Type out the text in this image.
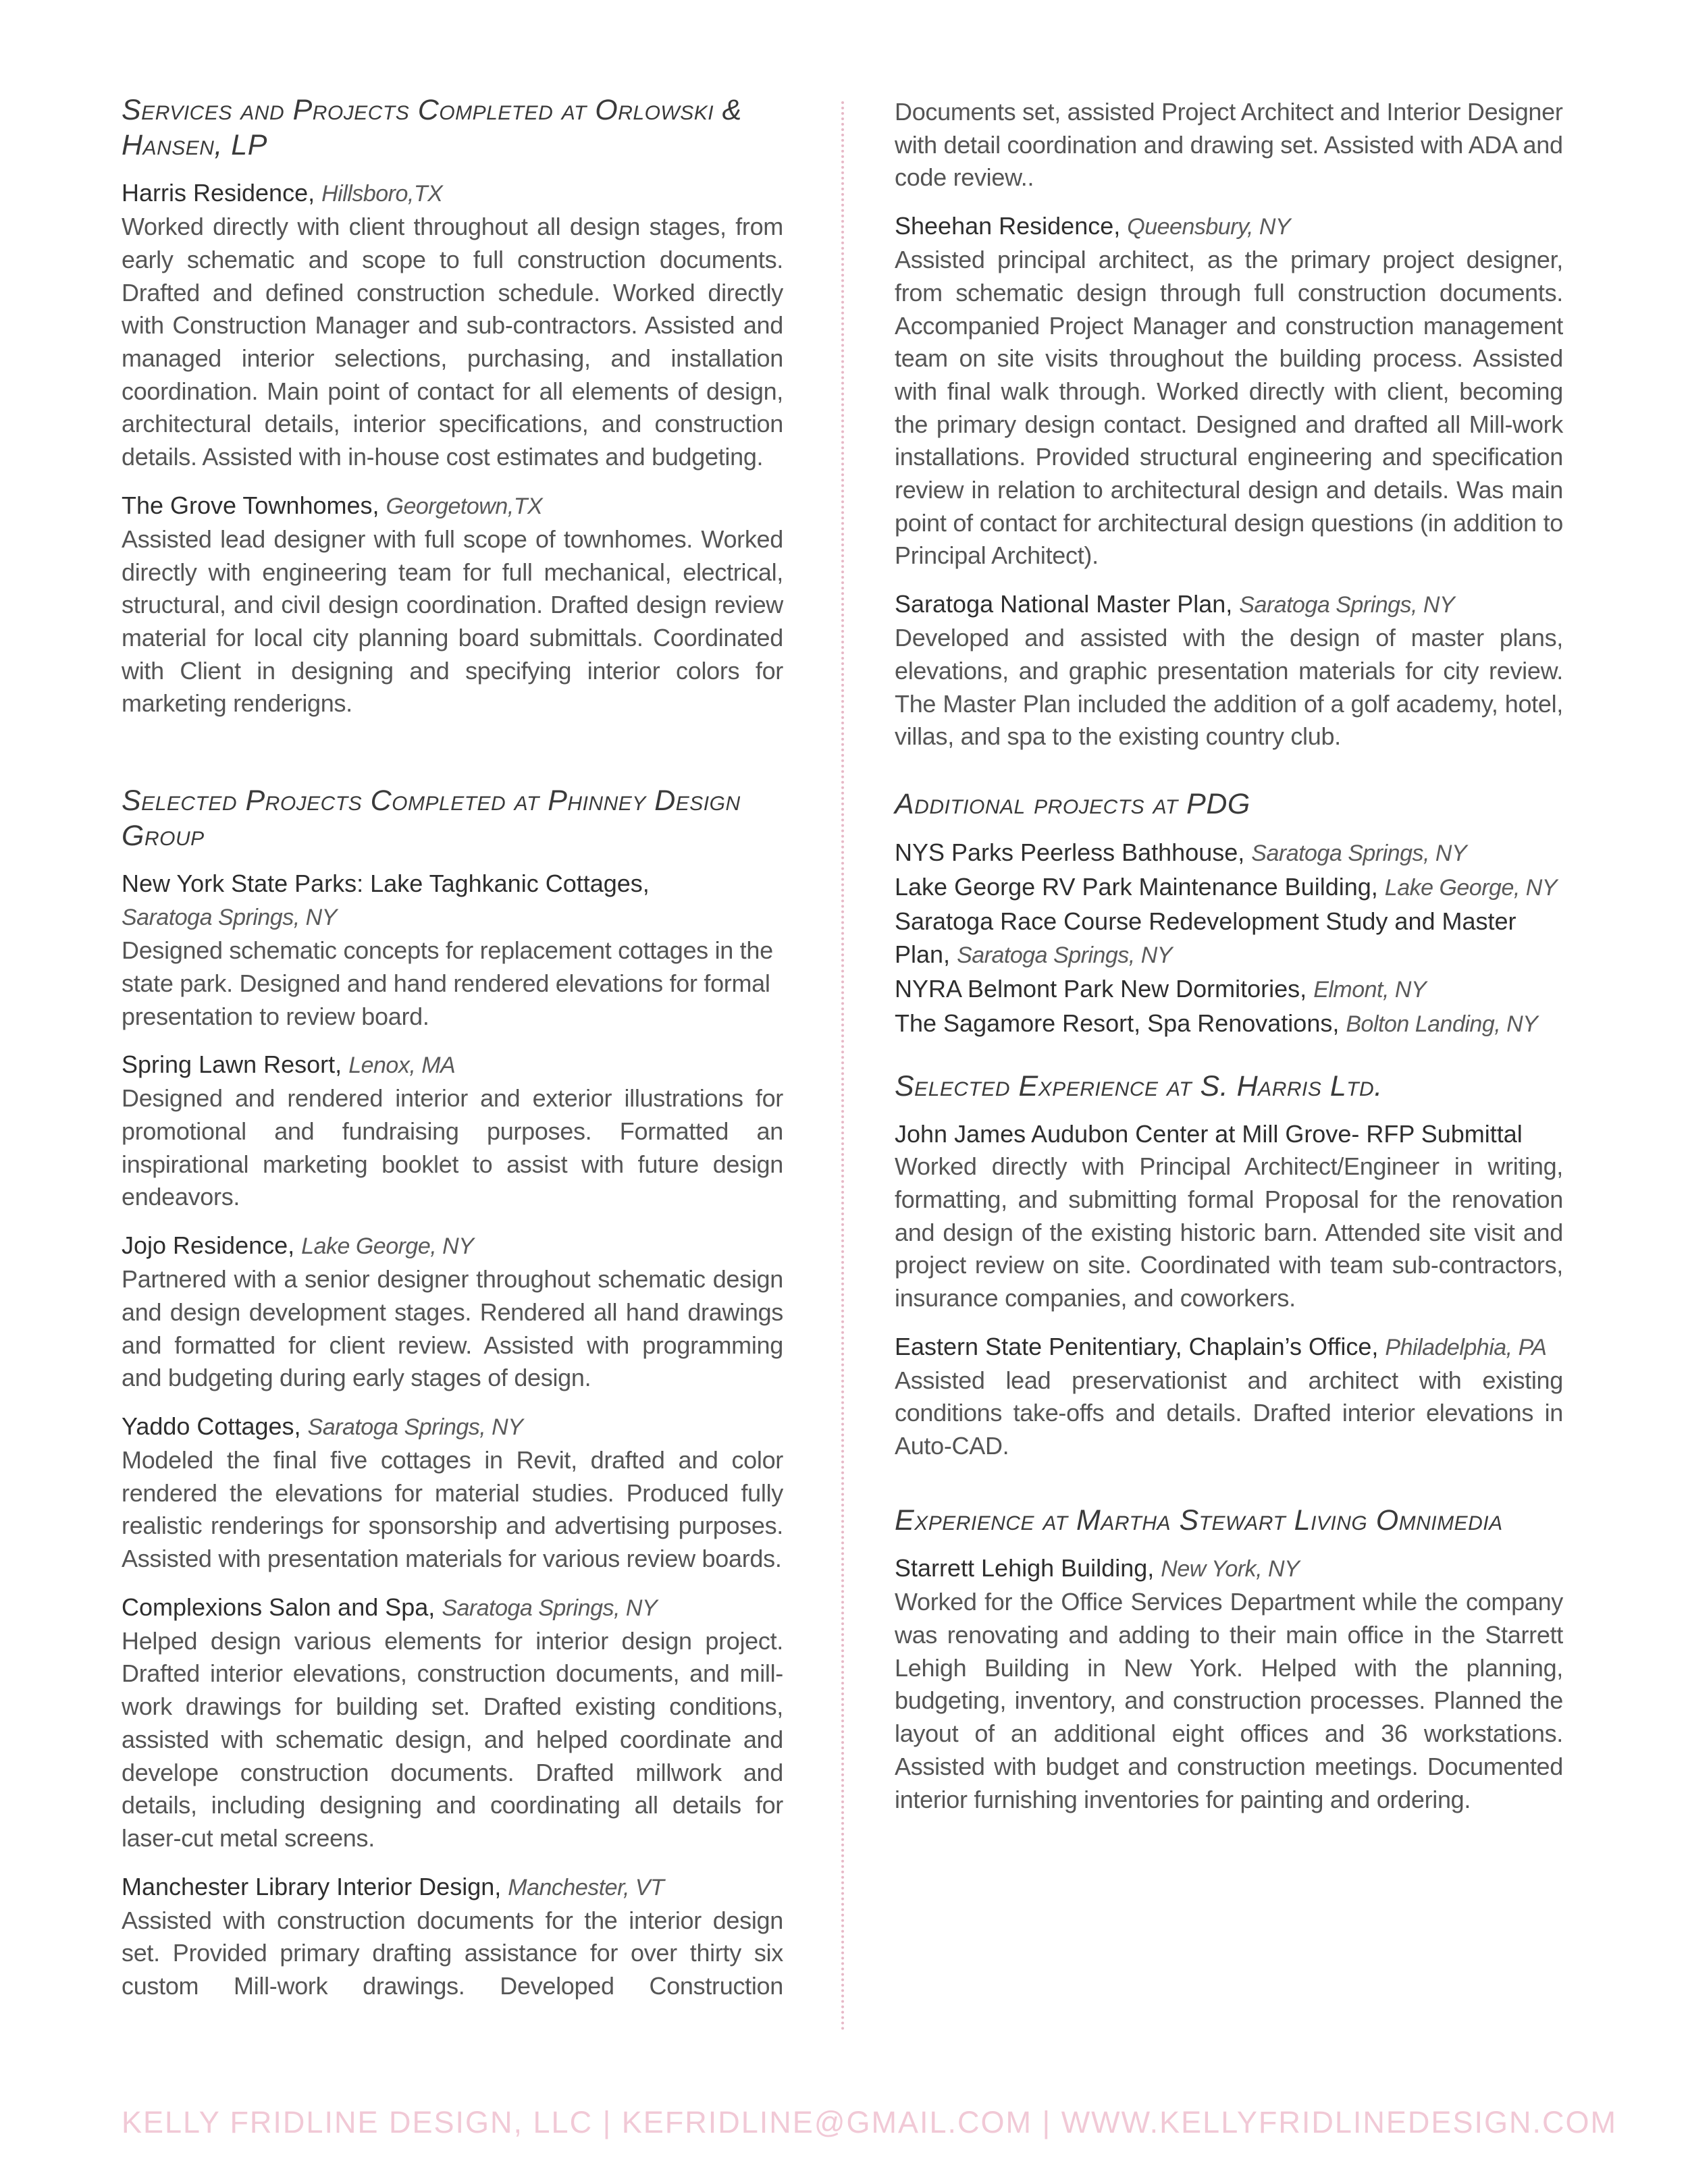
Services and Projects Completed at Orlowski & Hansen, LP
Harris Residence, Hillsboro,TX

Worked directly with client throughout all design stages, from early schematic and scope to full construction documents. Drafted and defined construction schedule. Worked directly with Construction Manager and sub-contractors. Assisted and managed interior selections, purchasing, and installation coordination. Main point of contact for all elements of design, architectural details, interior specifications, and construction details. Assisted with in-house cost estimates and budgeting.

The Grove Townhomes, Georgetown,TX

Assisted lead designer with full scope of townhomes. Worked directly with engineering team for full mechanical, electrical, structural, and civil design coordination. Drafted design review material for local city planning board submittals. Coordinated with Client in designing and specifying interior colors for marketing renderigns.

Selected Projects Completed at Phinney Design Group
New York State Parks: Lake Taghkanic Cottages,
Saratoga Springs, NY

Designed schematic concepts for replacement cottages in the state park. Designed and hand rendered elevations for formal presentation to review board.

Spring Lawn Resort, Lenox, MA

Designed and rendered interior and exterior illustrations for promotional and fundraising purposes. Formatted an inspirational marketing booklet to assist with future design endeavors.

Jojo Residence, Lake George, NY

Partnered with a senior designer throughout schematic design and design development stages. Rendered all hand drawings and formatted for client review. Assisted with programming and budgeting during early stages of design.

Yaddo Cottages, Saratoga Springs, NY

Modeled the final five cottages in Revit, drafted and color rendered the elevations for material studies. Produced fully realistic renderings for sponsorship and advertising purposes. Assisted with presentation materials for various review boards.

Complexions Salon and Spa, Saratoga Springs, NY

Helped design various elements for interior design project. Drafted interior elevations, construction documents, and mill-work drawings for building set. Drafted existing conditions, assisted with schematic design, and helped coordinate and develope construction documents. Drafted millwork and details, including designing and coordinating all details for laser-cut metal screens.

Manchester Library Interior Design, Manchester, VT

Assisted with construction documents for the interior design set. Provided primary drafting assistance for over thirty six custom Mill-work drawings. Developed Construction

Documents set, assisted Project Architect and Interior Designer with detail coordination and drawing set. Assisted with ADA and code review..

Sheehan Residence, Queensbury, NY

Assisted principal architect, as the primary project designer, from schematic design through full construction documents. Accompanied Project Manager and construction management team on site visits throughout the building process. Assisted with final walk through. Worked directly with client, becoming the primary design contact. Designed and drafted all Mill-work installations. Provided structural engineering and specification review in relation to architectural design and details. Was main point of contact for architectural design questions (in addition to Principal Architect).

Saratoga National Master Plan, Saratoga Springs, NY

Developed and assisted with the design of master plans, elevations, and graphic presentation materials for city review. The Master Plan included the addition of a golf academy, hotel, villas, and spa to the existing country club.

Additional projects at PDG
NYS Parks Peerless Bathhouse, Saratoga Springs, NY
Lake George RV Park Maintenance Building, Lake George, NY
Saratoga Race Course Redevelopment Study and Master Plan, Saratoga Springs, NY
NYRA Belmont Park New Dormitories, Elmont, NY
The Sagamore Resort, Spa Renovations, Bolton Landing, NY
Selected Experience at S. Harris Ltd.
John James Audubon Center at Mill Grove- RFP Submittal

Worked directly with Principal Architect/Engineer in writing, formatting, and submitting formal Proposal for the renovation and design of the existing historic barn. Attended site visit and project review on site. Coordinated with team sub-contractors, insurance companies, and coworkers.

Eastern State Penitentiary, Chaplain’s Office, Philadelphia, PA

Assisted lead preservationist and architect with existing conditions take-offs and details. Drafted interior elevations in Auto-CAD.

Experience at Martha Stewart Living Omnimedia
Starrett Lehigh Building, New York, NY

Worked for the Office Services Department while the company was renovating and adding to their main office in the Starrett Lehigh Building in New York. Helped with the planning, budgeting, inventory, and construction processes. Planned the layout of an additional eight offices and 36 workstations. Assisted with budget and construction meetings. Documented interior furnishing inventories for painting and ordering.

KELLY FRIDLINE DESIGN, LLC | KEFRIDLINE@GMAIL.COM | WWW.KELLYFRIDLINEDESIGN.COM
